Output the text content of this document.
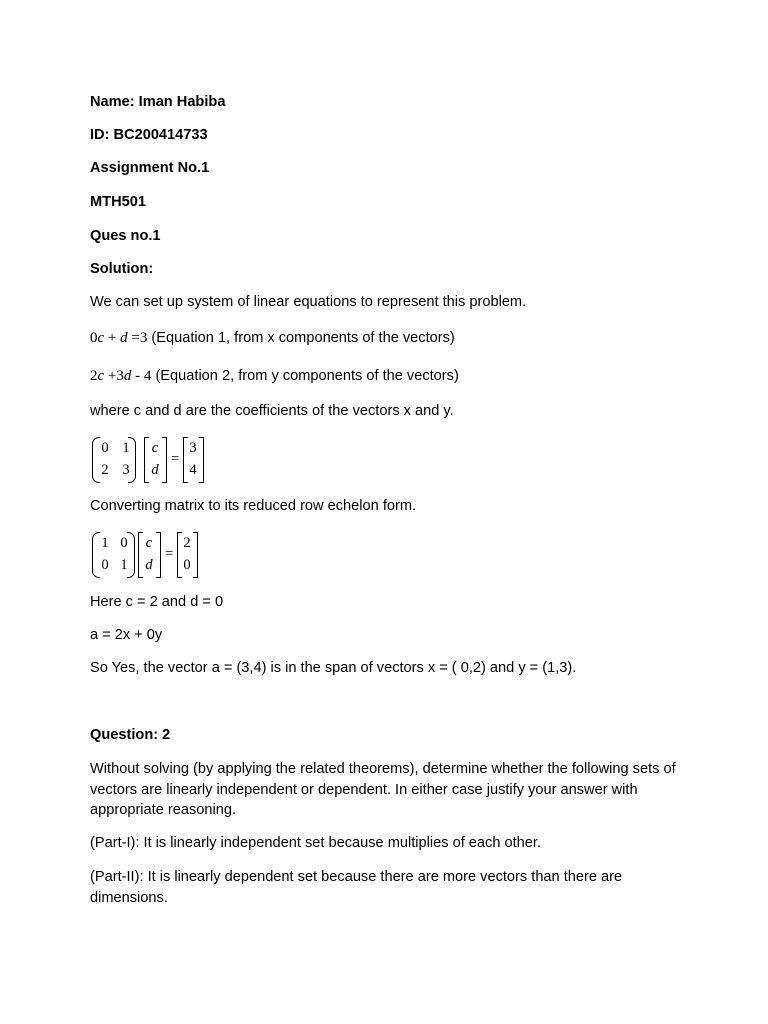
Name: Iman Habiba
ID: BC200414733
Assignment No.1
MTH501
Ques no.1
Solution:
We can set up system of linear equations to represent this problem.
0c + d =3 (Equation 1, from x components of the vectors)
2c +3d - 4 (Equation 2, from y components of the vectors)
where c and d are the coefficients of the vectors x and y.
0 1
2 3
c
d
=
3
4
Converting matrix to its reduced row echelon form.
1 0
0 1
c
d
=
2
0
Here c = 2 and d = 0
a = 2x + 0y
So Yes, the vector a = (3,4) is in the span of vectors x = ( 0,2) and y = (1,3).
Question: 2
Without solving (by applying the related theorems), determine whether the following sets of vectors are linearly independent or dependent. In either case justify your answer with appropriate reasoning.
(Part-I): It is linearly independent set because multiplies of each other.
(Part-II): It is linearly dependent set because there are more vectors than there are dimensions.
